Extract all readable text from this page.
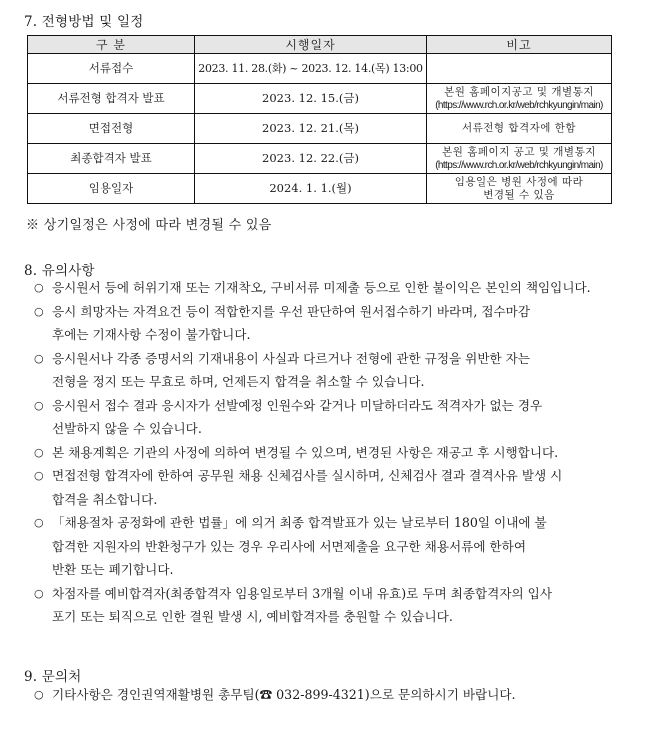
7. 전형방법 및 일정
구 분	시행일자	비고
서류접수	2023. 11. 28.(화) ~ 2023. 12. 14.(목) 13:00	
서류전형 합격자 발표	2023. 12. 15.(금)	본원 홈페이지공고 및 개별통지
(https://www.rch.or.kr/web/rchkyungin/main)

면접전형	2023. 12. 21.(목)	서류전형 합격자에 한함

최종합격자 발표	2023. 12. 22.(금)	본원 홈페이지 공고 및 개별통지
(https://www.rch.or.kr/web/rchkyungin/main)

임용일자	2024. 1. 1.(월)	임용일은 병원 사정에 따라
변경될 수 있음
※ 상기일정은 사정에 따라 변경될 수 있음
8. 유의사항
○ 응시원서 등에 허위기재 또는 기재착오, 구비서류 미제출 등으로 인한 불이익은 본인의 책임입니다.
○ 응시 희망자는 자격요건 등이 적합한지를 우선 판단하여 원서접수하기 바라며, 접수마감
후에는 기재사항 수정이 불가합니다.
○ 응시원서나 각종 증명서의 기재내용이 사실과 다르거나 전형에 관한 규정을 위반한 자는
전형을 정지 또는 무효로 하며, 언제든지 합격을 취소할 수 있습니다.
○ 응시원서 접수 결과 응시자가 선발예정 인원수와 같거나 미달하더라도 적격자가 없는 경우
선발하지 않을 수 있습니다.
○ 본 채용계획은 기관의 사정에 의하여 변경될 수 있으며, 변경된 사항은 재공고 후 시행합니다.
○ 면접전형 합격자에 한하여 공무원 채용 신체검사를 실시하며, 신체검사 결과 결격사유 발생 시
합격을 취소합니다.
○ 「채용절차 공정화에 관한 법률」에 의거 최종 합격발표가 있는 날로부터 180일 이내에 불
합격한 지원자의 반환청구가 있는 경우 우리사에 서면제출을 요구한 채용서류에 한하여
반환 또는 폐기합니다.
○ 차점자를 예비합격자(최종합격자 임용일로부터 3개월 이내 유효)로 두며 최종합격자의 입사
포기 또는 퇴직으로 인한 결원 발생 시, 예비합격자를 충원할 수 있습니다.
9. 문의처
○ 기타사항은 경인권역재활병원 총무팀(☎ 032-899-4321)으로 문의하시기 바랍니다.
